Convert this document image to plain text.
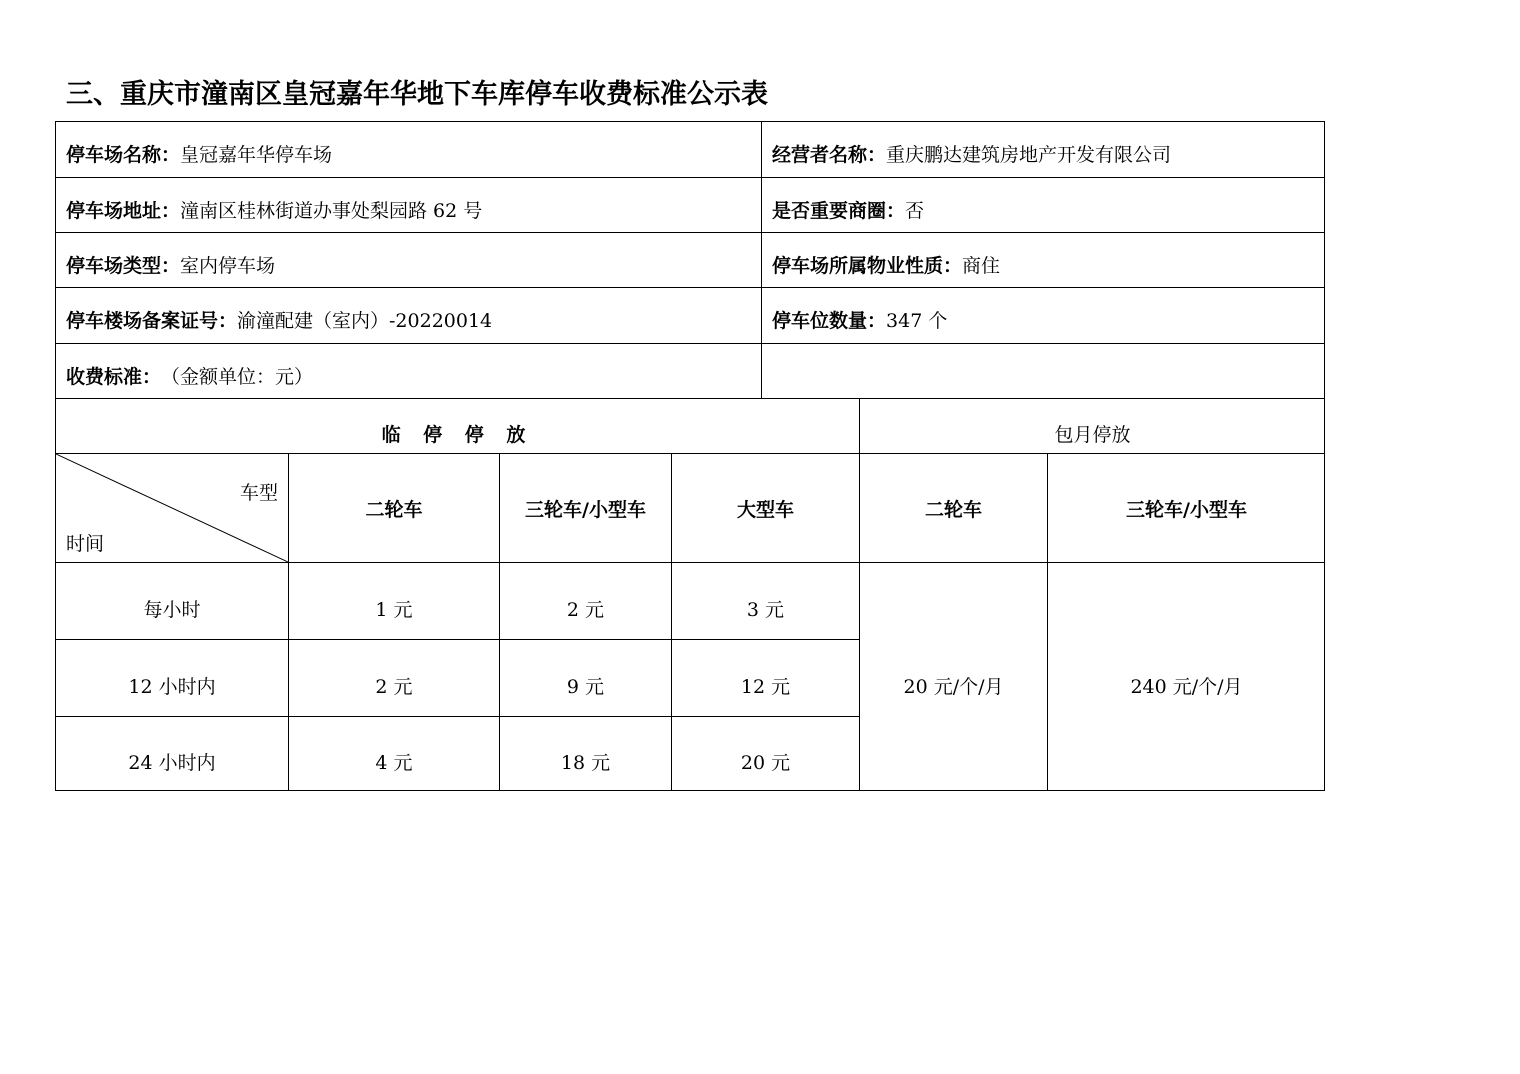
三、重庆市潼南区皇冠嘉年华地下车库停车收费标准公示表
停车场名称： 皇冠嘉年华停车场	经营者名称： 重庆鹏达建筑房地产开发有限公司
停车场地址： 潼南区桂林街道办事处梨园路 62 号	是否重要商圈： 否
停车场类型： 室内停车场	停车场所属物业性质： 商住
停车楼场备案证号： 渝潼配建（室内）-20220014	停车位数量： 347 个
收费标准： （金额单位：元）
临 停 停 放	包月停放
车型
时间
二轮车	三轮车/小型车	大型车	二轮车	三轮车/小型车
每小时	1 元	2 元	3 元
12 小时内	2 元	9 元	12 元
24 小时内	4 元	18 元	20 元
20 元/个/月	240 元/个/月
